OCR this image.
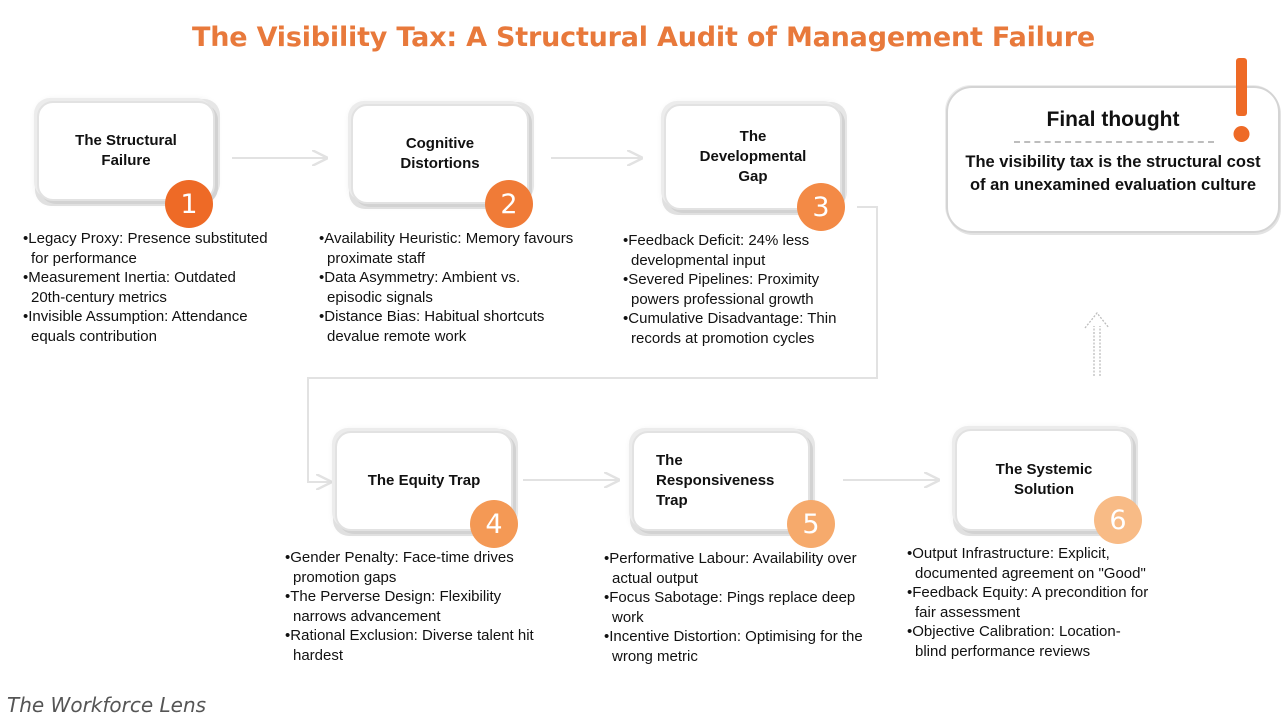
The Visibility Tax: A Structural Audit of Management Failure
The Structural
Failure
1
• Legacy Proxy: Presence substituted for performance
• Measurement Inertia: Outdated 20th-century metrics
• Invisible Assumption: Attendance equals contribution
Cognitive
Distortions
2
• Availability Heuristic: Memory favours proximate staff
• Data Asymmetry: Ambient vs. episodic signals
• Distance Bias: Habitual shortcuts devalue remote work
The
Developmental
Gap
3
• Feedback Deficit: 24% less developmental input
• Severed Pipelines: Proximity powers professional growth
• Cumulative Disadvantage: Thin records at promotion cycles
The Equity Trap
4
• Gender Penalty: Face-time drives promotion gaps
• The Perverse Design: Flexibility narrows advancement
• Rational Exclusion: Diverse talent hit hardest
The
Responsiveness
Trap
5
• Performative Labour: Availability over actual output
• Focus Sabotage: Pings replace deep work
• Incentive Distortion: Optimising for the wrong metric
The Systemic
Solution
6
• Output Infrastructure: Explicit, documented agreement on "Good"
• Feedback Equity: A precondition for fair assessment
• Objective Calibration: Location-blind performance reviews
Final thought
The visibility tax is the structural cost of an unexamined evaluation culture
The Workforce Lens
